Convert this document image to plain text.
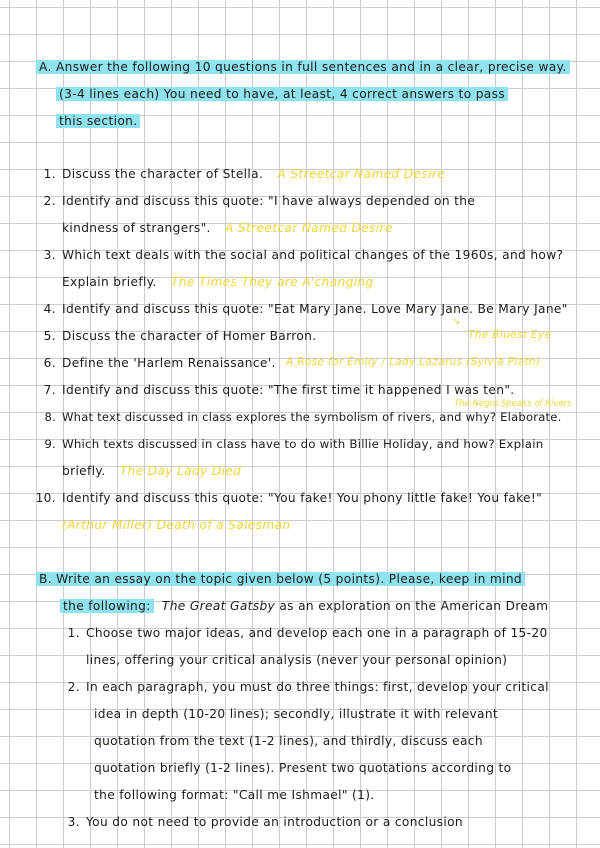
A. Answer the following 10 questions in full sentences and in a clear, precise way.
(3-4 lines each) You need to have, at least, 4 correct answers to pass
this section.
1. Discuss the character of Stella. A Streetcar Named Desire
2. Identify and discuss this quote: "I have always depended on the
kindness of strangers". A Streetcar Named Desire
3. Which text deals with the social and political changes of the 1960s, and how?
Explain briefly. The Times They are A'changing
4. Identify and discuss this quote: "Eat Mary Jane. Love Mary Jane. Be Mary Jane"
↘
5. Discuss the character of Homer Barron.	The Bluest Eye
6. Define the 'Harlem Renaissance'. A Rose for Emily / Lady Lazarus (Sylvia Plath)
7. Identify and discuss this quote: "The first time it happened I was ten".
The Negro Speaks of Rivers
8. What text discussed in class explores the symbolism of rivers, and why? Elaborate.
9. Which texts discussed in class have to do with Billie Holiday, and how? Explain
briefly. The Day Lady Died
10. Identify and discuss this quote: "You fake! You phony little fake! You fake!"
(Arthur Miller) Death of a Salesman
B. Write an essay on the topic given below (5 points). Please, keep in mind
the following: The Great Gatsby as an exploration on the American Dream
1. Choose two major ideas, and develop each one in a paragraph of 15-20
lines, offering your critical analysis (never your personal opinion)
2. In each paragraph, you must do three things: first, develop your critical
idea in depth (10-20 lines); secondly, illustrate it with relevant
quotation from the text (1-2 lines), and thirdly, discuss each
quotation briefly (1-2 lines). Present two quotations according to
the following format: "Call me Ishmael" (1).
3. You do not need to provide an introduction or a conclusion
